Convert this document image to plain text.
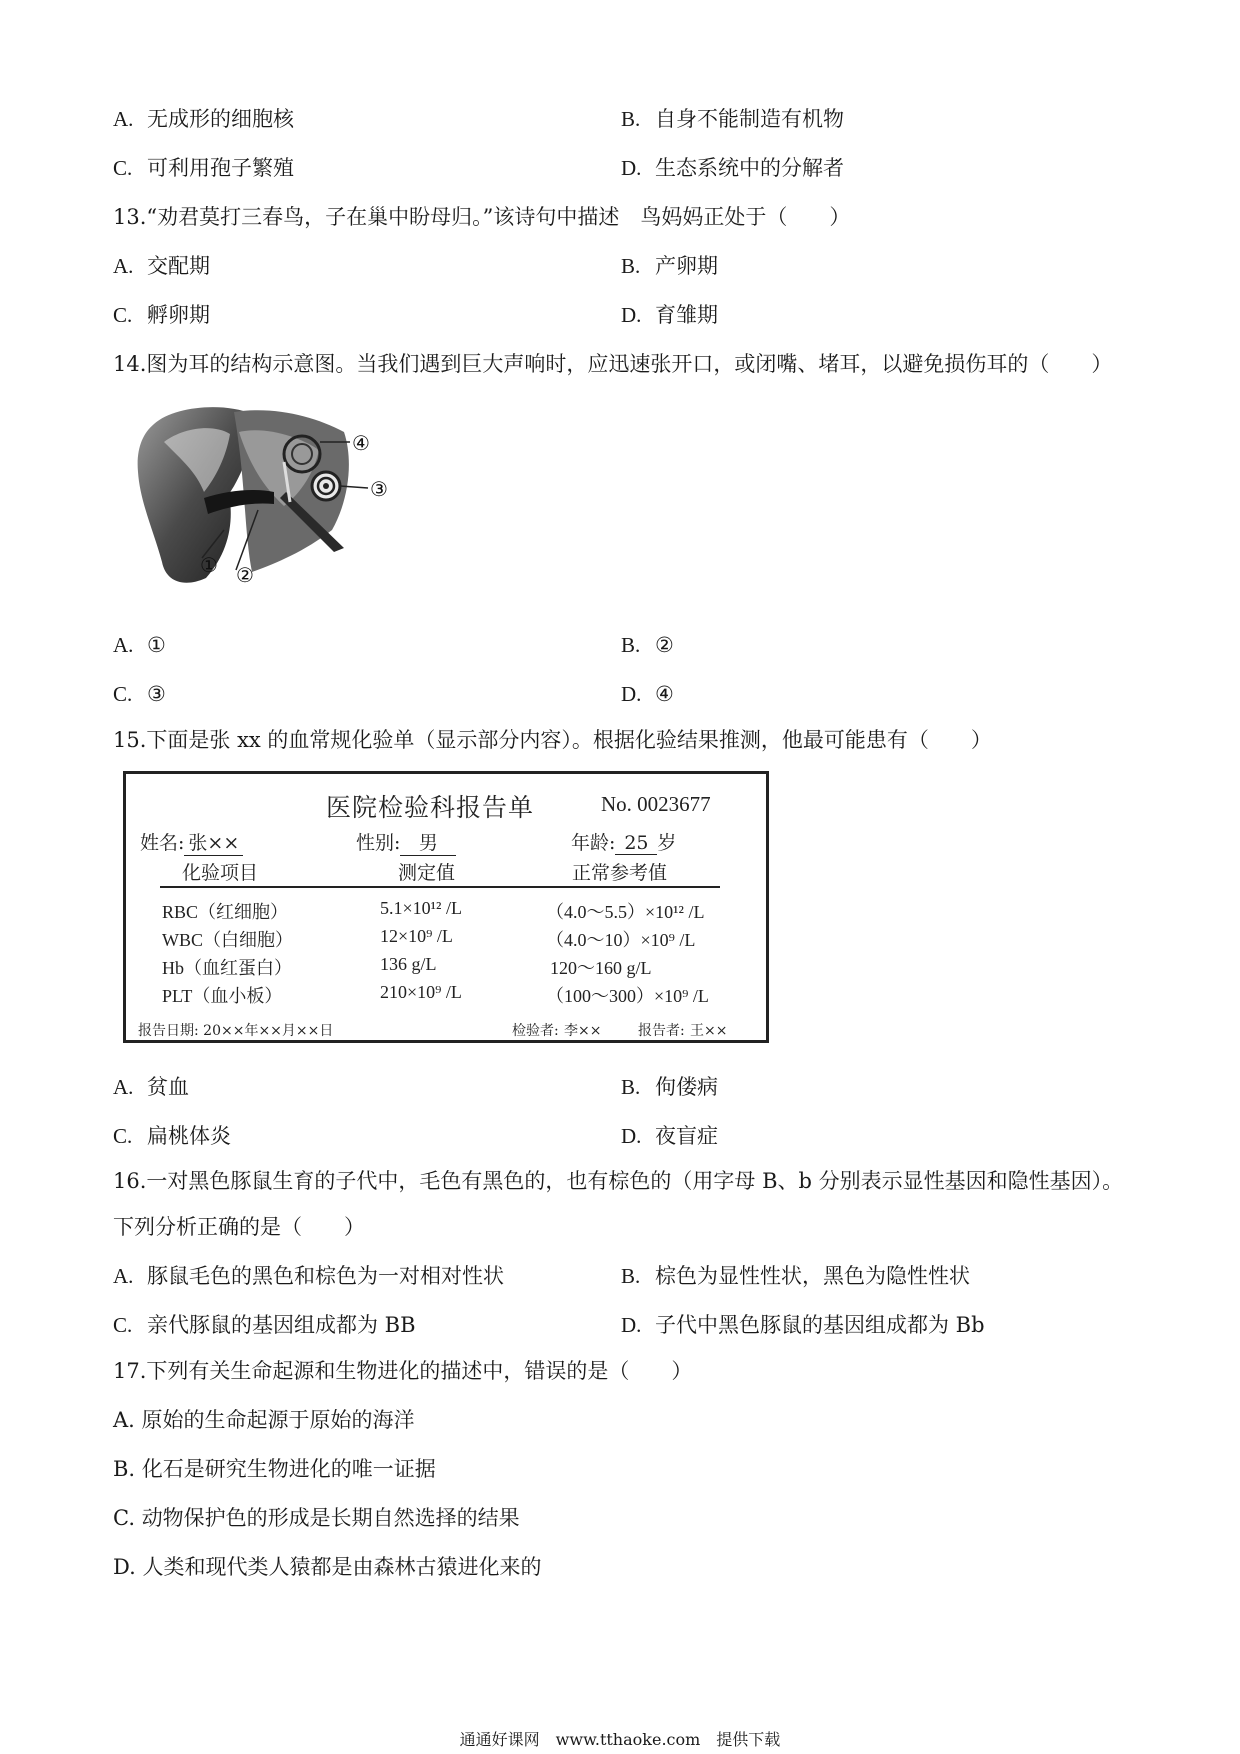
A. 无成形的细胞核	B. 自身不能制造有机物
C. 可利用孢子繁殖	D. 生态系统中的分解者
13.“劝君莫打三春鸟，子在巢中盼母归。”该诗句中描述　鸟妈妈正处于（　　）
A. 交配期	B. 产卵期
C. 孵卵期	D. 育雏期
14.图为耳的结构示意图。当我们遇到巨大声响时，应迅速张开口，或闭嘴、堵耳，以避免损伤耳的（　　）
① ②
③
④
A. ①	B. ②
C. ③	D. ④
15.下面是张 xx 的血常规化验单（显示部分内容）。根据化验结果推测，他最可能患有（　　）
医院检验科报告单	No. 0023677
姓名: 张××	性别: 男	年龄: 25 岁
化验项目	测定值	正常参考值
RBC（红细胞）	5.1×10¹² /L	（4.0～5.5）×10¹² /L
WBC（白细胞）	12×10⁹ /L	（4.0～10）×10⁹ /L
Hb（血红蛋白）	136 g/L	120～160 g/L
PLT（血小板）	210×10⁹ /L	（100～300）×10⁹ /L
报告日期: 20××年××月××日	检验者: 李××	报告者: 王××
A. 贫血	B. 佝偻病
C. 扁桃体炎	D. 夜盲症
16.一对黑色豚鼠生育的子代中，毛色有黑色的，也有棕色的（用字母 B、b 分别表示显性基因和隐性基因）。
下列分析正确的是（　　）
A. 豚鼠毛色的黑色和棕色为一对相对性状	B. 棕色为显性性状，黑色为隐性性状
C. 亲代豚鼠的基因组成都为 BB	D. 子代中黑色豚鼠的基因组成都为 Bb
17.下列有关生命起源和生物进化的描述中，错误的是（　　）
A. 原始的生命起源于原始的海洋
B. 化石是研究生物进化的唯一证据
C. 动物保护色的形成是长期自然选择的结果
D. 人类和现代类人猿都是由森林古猿进化来的
通通好课网　www.tthaoke.com　提供下载
